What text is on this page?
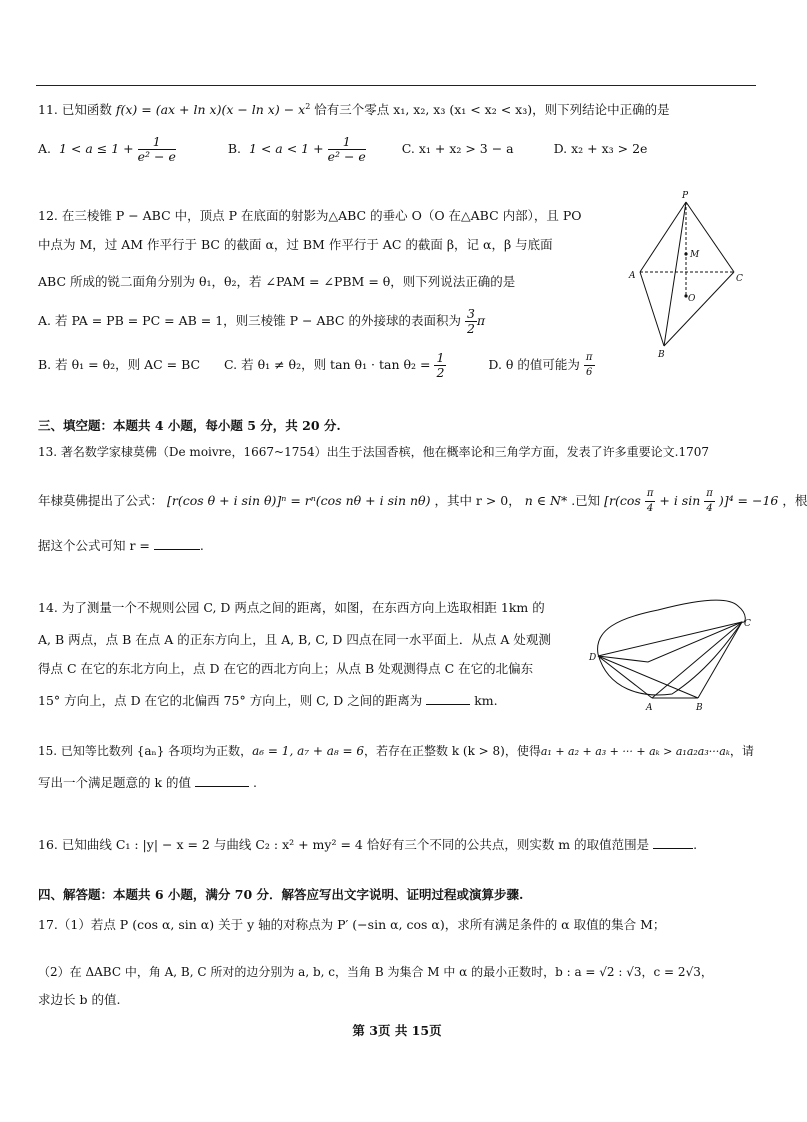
11. 已知函数 $f(x) = (ax + \ln x)(x - \ln x) - x^2$ 恰有三个零点 x₁, x₂, x₃ (x₁ < x₂ < x₃)，则下列结论中正确的是
A. $1 < a \le 1 + \frac{1}{\text{e² − e}}$	B. $1 < a < 1 + \frac{1}{\text{e² − e}}$	C. x₁ + x₂ > 3 − a	D. x₂ + x₃ > 2e
12. 在三棱锥 P − ABC 中，顶点 P 在底面的射影为△ABC 的垂心 O（O 在△ABC 内部），且 PO
中点为 M，过 AM 作平行于 BC 的截面 α，过 BM 作平行于 AC 的截面 β，记 α，β 与底面
ABC 所成的锐二面角分别为 θ₁，θ₂，若 ∠PAM = ∠PBM = θ，则下列说法正确的是
A. 若 PA = PB = PC = AB = 1，则三棱锥 P − ABC 的外接球的表面积为 $\frac{3}{2}$ π
B. 若 θ₁ = θ₂，则 AC = BC C. 若 θ₁ ≠ θ₂，则 $\tan \theta_1 \cdot \tan \theta_2 = \frac{1}{2}$	D. θ 的值可能为 $\frac{\pi}{6}$
P
M
A	C
O
B
三、填空题：本题共 4 小题，每小题 5 分，共 20 分.
13. 著名数学家棣莫佛（De moivre，1667~1754）出生于法国香槟，他在概率论和三角学方面，发表了许多重要论文.1707
年棣莫佛提出了公式： [r(cos θ + i sin θ)]ⁿ = rⁿ(cos nθ + i sin nθ) ，其中 r > 0， n ∈ N* .已知 [$r(\cos \frac{\pi}{4} + i$ $\sin \frac{\pi}{4} )]^4 = -16$ ，根
据这个公式可知 r =	.
14. 为了测量一个不规则公园 C, D 两点之间的距离，如图，在东西方向上选取相距 1km 的
A, B 两点，点 B 在点 A 的正东方向上，且 A, B, C, D 四点在同一水平面上．从点 A 处观测
得点 C 在它的东北方向上，点 D 在它的西北方向上；从点 B 处观测得点 C 在它的北偏东
15° 方向上，点 D 在它的北偏西 75° 方向上，则 C, D 之间的距离为	km.
C
D
A	B
15. 已知等比数列 {aₙ} 各项均为正数，a₆ = 1, a₇ + a₈ = 6，若存在正整数 k (k > 8)，使得a₁ + a₂ + a₃ + ··· + aₖ > a₁a₂a₃···aₖ，请
写出一个满足题意的 k 的值	.
16. 已知曲线 C₁ : |y| − x = 2 与曲线 C₂ : x² + my² = 4 恰好有三个不同的公共点，则实数 m 的取值范围是	.
四、解答题：本题共 6 小题，满分 70 分．解答应写出文字说明、证明过程或演算步骤.
17.（1）若点 P (cos α, sin α) 关于 y 轴的对称点为 P′ (−sin α, cos α)，求所有满足条件的 α 取值的集合 M；
（2）在 ΔABC 中，角 A, B, C 所对的边分别为 a, b, c，当角 B 为集合 M 中 α 的最小正数时，b : a = √2 : √3，c = 2√3，
求边长 b 的值.
第 3页 共 15页
